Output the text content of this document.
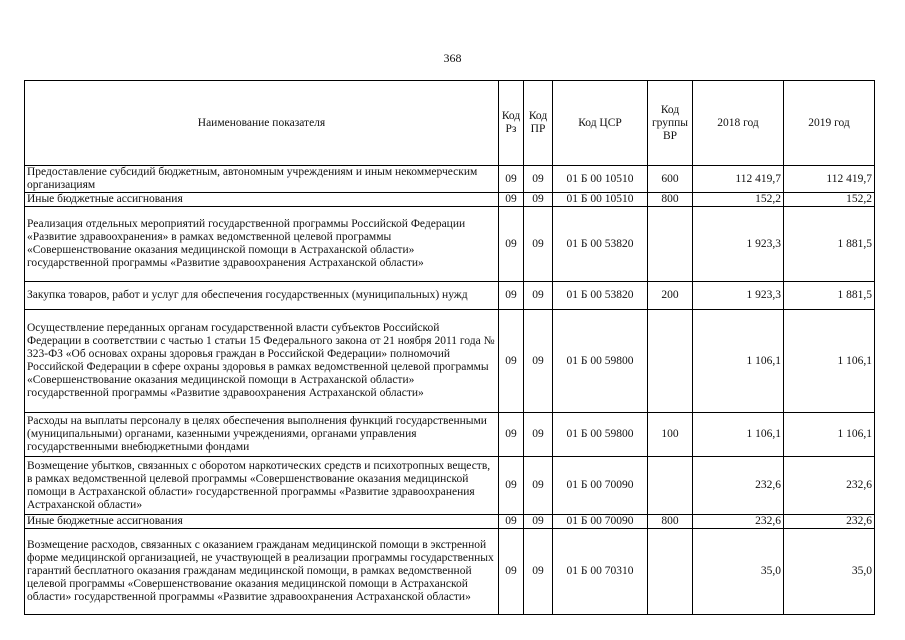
368
Наименование показателя	Код Рз	Код ПР	Код ЦСР	Код группы ВР	2018 год	2019 год
Предоставление субсидий бюджетным, автономным учреждениям и иным некоммерческим организациям	09	09	01 Б 00 10510	600	112 419,7	112 419,7
Иные бюджетные ассигнования	09	09	01 Б 00 10510	800	152,2	152,2
Реализация отдельных мероприятий государственной программы Российской Федерации «Развитие здравоохранения» в рамках ведомственной целевой программы «Совершенствование оказания медицинской помощи в Астраханской области» государственной программы «Развитие здравоохранения Астраханской области»	09	09	01 Б 00 53820		1 923,3	1 881,5
Закупка товаров, работ и услуг для обеспечения государственных (муниципальных) нужд	09	09	01 Б 00 53820	200	1 923,3	1 881,5
Осуществление переданных органам государственной власти субъектов Российской Федерации в соответствии с частью 1 статьи 15 Федерального закона от 21 ноября 2011 года № 323-ФЗ «Об основах охраны здоровья граждан в Российской Федерации» полномочий Российской Федерации в сфере охраны здоровья в рамках ведомственной целевой программы «Совершенствование оказания медицинской помощи в Астраханской области» государственной программы «Развитие здравоохранения Астраханской области»	09	09	01 Б 00 59800		1 106,1	1 106,1
Расходы на выплаты персоналу в целях обеспечения выполнения функций государственными (муниципальными) органами, казенными учреждениями, органами управления государственными внебюджетными фондами	09	09	01 Б 00 59800	100	1 106,1	1 106,1
Возмещение убытков, связанных с оборотом наркотических средств и психотропных веществ, в рамках ведомственной целевой программы «Совершенствование оказания медицинской помощи в Астраханской области» государственной программы «Развитие здравоохранения Астраханской области»	09	09	01 Б 00 70090		232,6	232,6
Иные бюджетные ассигнования	09	09	01 Б 00 70090	800	232,6	232,6
Возмещение расходов, связанных с оказанием гражданам медицинской помощи в экстренной форме медицинской организацией, не участвующей в реализации программы государственных гарантий бесплатного оказания гражданам медицинской помощи, в рамках ведомственной целевой программы «Совершенствование оказания медицинской помощи в Астраханской области» государственной программы «Развитие здравоохранения Астраханской области»	09	09	01 Б 00 70310		35,0	35,0
